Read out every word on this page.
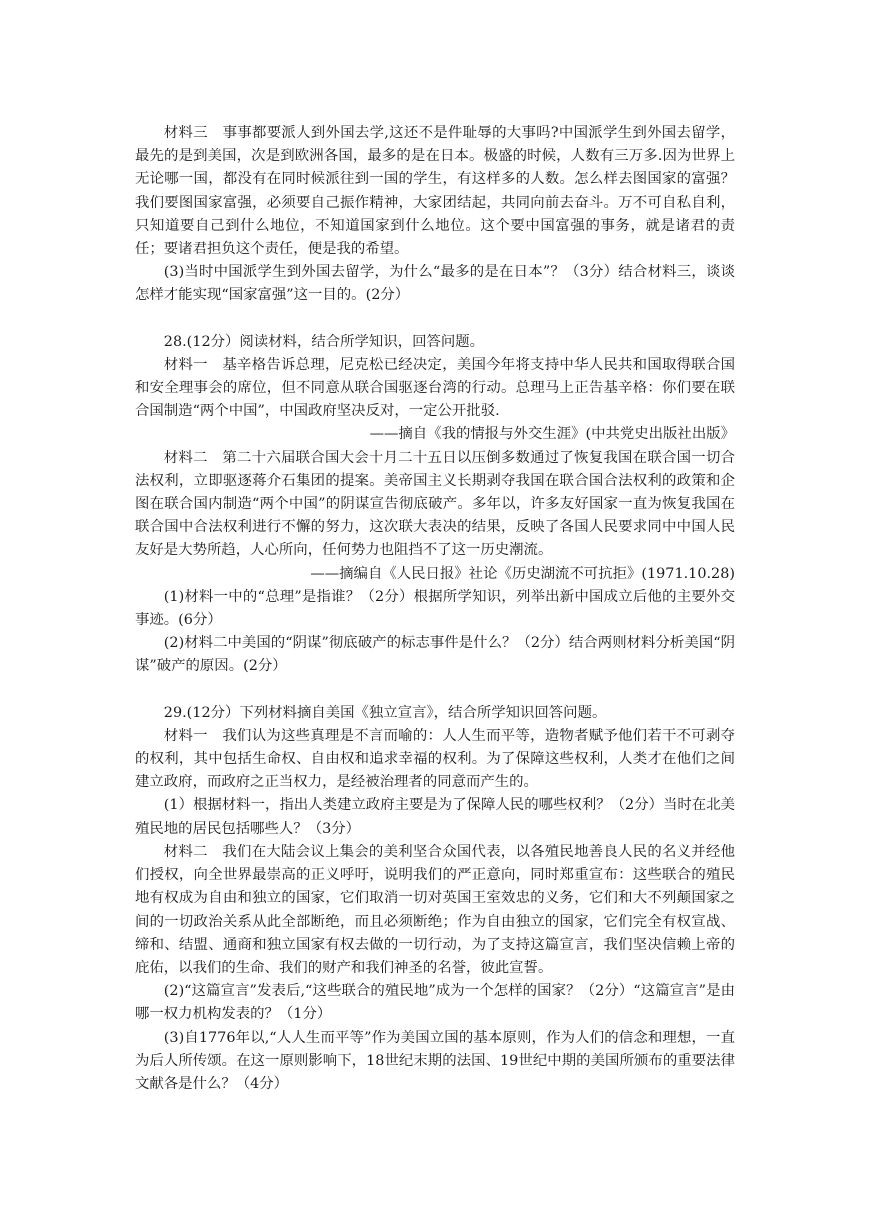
材料三　事事都要派人到外国去学,这还不是件耻辱的大事吗?中国派学生到外国去留学，最先的是到美国，次是到欧洲各国，最多的是在日本。极盛的时候，人数有三万多.因为世界上无论哪一国，都没有在同时候派往到一国的学生，有这样多的人数。怎么样去图国家的富强？我们要图国家富强，必须要自己振作精神，大家团结起，共同向前去奋斗。万不可自私自利，只知道要自己到什么地位，不知道国家到什么地位。这个要中国富强的事务，就是诸君的责任；要诸君担负这个责任，便是我的希望。

(3)当时中国派学生到外国去留学，为什么“最多的是在日本”？（3分）结合材料三，谈谈怎样才能实现“国家富强”这一目的。(2分）

28.(12分）阅读材料，结合所学知识，回答问题。

材料一　基辛格告诉总理，尼克松已经决定，美国今年将支持中华人民共和国取得联合国和安全理事会的席位，但不同意从联合国驱逐台湾的行动。总理马上正告基辛格：你们要在联合国制造“两个中国”，中国政府坚决反对，一定公开批驳.

——摘自《我的情报与外交生涯》(中共党史出版社出版》

材料二　第二十六届联合国大会十月二十五日以压倒多数通过了恢复我国在联合国一切合法权利，立即驱逐蒋介石集团的提案。美帝国主义长期剥夺我国在联合国合法权利的政策和企图在联合国内制造“两个中国”的阴谋宣告彻底破产。多年以，许多友好国家一直为恢复我国在联合国中合法权利进行不懈的努力，这次联大表决的结果，反映了各国人民要求同中中国人民友好是大势所趋，人心所向，任何势力也阻挡不了这一历史潮流。

——摘编自《人民日报》社论《历史湖流不可抗拒》(1971.10.28)

(1)材料一中的“总理”是指谁？（2分）根据所学知识，列举出新中国成立后他的主要外交事迹。(6分）

(2)材料二中美国的“阴谋”彻底破产的标志事件是什么？（2分）结合两则材料分析美国“阴谋”破产的原因。(2分）

29.(12分）下列材料摘自美国《独立宣言》，结合所学知识回答问题。

材料一　我们认为这些真理是不言而喻的：人人生而平等，造物者赋予他们若干不可剥夺的权利，其中包括生命权、自由权和追求幸福的权利。为了保障这些权利，人类才在他们之间建立政府，而政府之正当权力，是经被治理者的同意而产生的。

(1）根据材料一，指出人类建立政府主要是为了保障人民的哪些权利？（2分）当时在北美殖民地的居民包括哪些人？（3分）

材料二　我们在大陆会议上集会的美利坚合众国代表，以各殖民地善良人民的名义并经他们授权，向全世界最崇高的正义呼吁，说明我们的严正意向，同时郑重宣布：这些联合的殖民地有权成为自由和独立的国家，它们取消一切对英国王室效忠的义务，它们和大不列颠国家之间的一切政治关系从此全部断绝，而且必须断绝；作为自由独立的国家，它们完全有权宣战、缔和、结盟、通商和独立国家有权去做的一切行动，为了支持这篇宣言，我们坚决信赖上帝的庇佑，以我们的生命、我们的财产和我们神圣的名誉，彼此宣誓。

(2)“这篇宣言”发表后,“这些联合的殖民地”成为一个怎样的国家？（2分）“这篇宣言”是由哪一权力机构发表的？（1分）

(3)自1776年以,“人人生而平等”作为美国立国的基本原则，作为人们的信念和理想，一直为后人所传颂。在这一原则影响下，18世纪末期的法国、19世纪中期的美国所颁布的重要法律文献各是什么？（4分）
